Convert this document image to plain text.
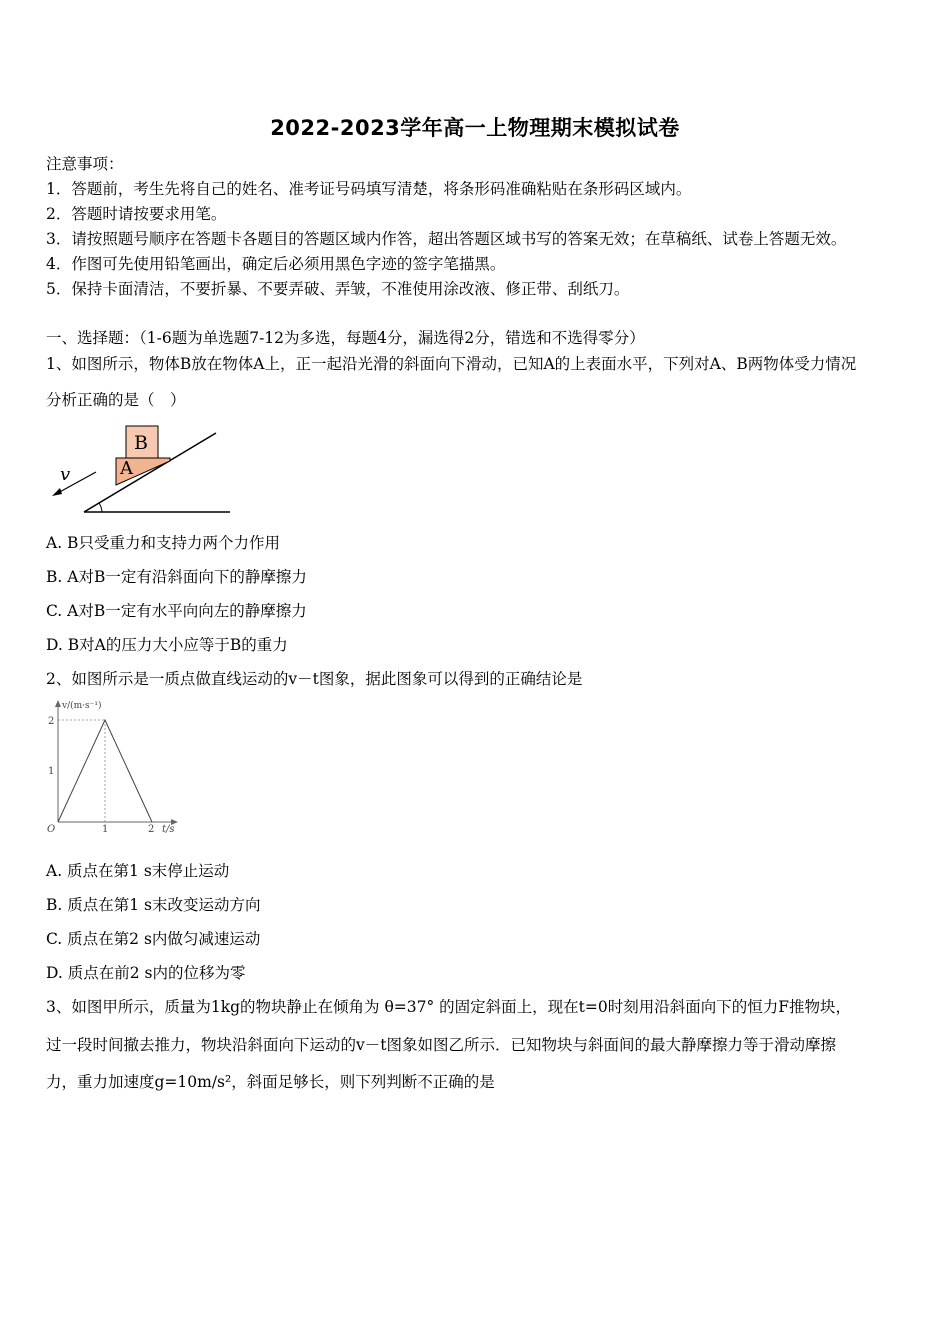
2022-2023学年高一上物理期末模拟试卷
注意事项：
1．答题前，考生先将自己的姓名、准考证号码填写清楚，将条形码准确粘贴在条形码区域内。
2．答题时请按要求用笔。
3．请按照题号顺序在答题卡各题目的答题区域内作答，超出答题区域书写的答案无效；在草稿纸、试卷上答题无效。
4．作图可先使用铅笔画出，确定后必须用黑色字迹的签字笔描黑。
5．保持卡面清洁，不要折暴、不要弄破、弄皱，不准使用涂改液、修正带、刮纸刀。
一、选择题：（1-6题为单选题7-12为多选，每题4分，漏选得2分，错选和不选得零分）
1、如图所示，物体B放在物体A上，正一起沿光滑的斜面向下滑动，已知A的上表面水平，下列对A、B两物体受力情况
分析正确的是（　）
B
A
v
A. B只受重力和支持力两个力作用
B. A对B一定有沿斜面向下的静摩擦力
C. A对B一定有水平向向左的静摩擦力
D. B对A的压力大小应等于B的重力
2、如图所示是一质点做直线运动的v－t图象，据此图象可以得到的正确结论是
v/(m·s⁻¹)
t/s
O
2
1
1	2
A. 质点在第1 s末停止运动
B. 质点在第1 s末改变运动方向
C. 质点在第2 s内做匀减速运动
D. 质点在前2 s内的位移为零
3、如图甲所示，质量为1kg的物块静止在倾角为 θ=37° 的固定斜面上，现在t=0时刻用沿斜面向下的恒力F推物块，
过一段时间撤去推力，物块沿斜面向下运动的v－t图象如图乙所示．已知物块与斜面间的最大静摩擦力等于滑动摩擦
力，重力加速度g=10m/s²，斜面足够长，则下列判断不正确的是
